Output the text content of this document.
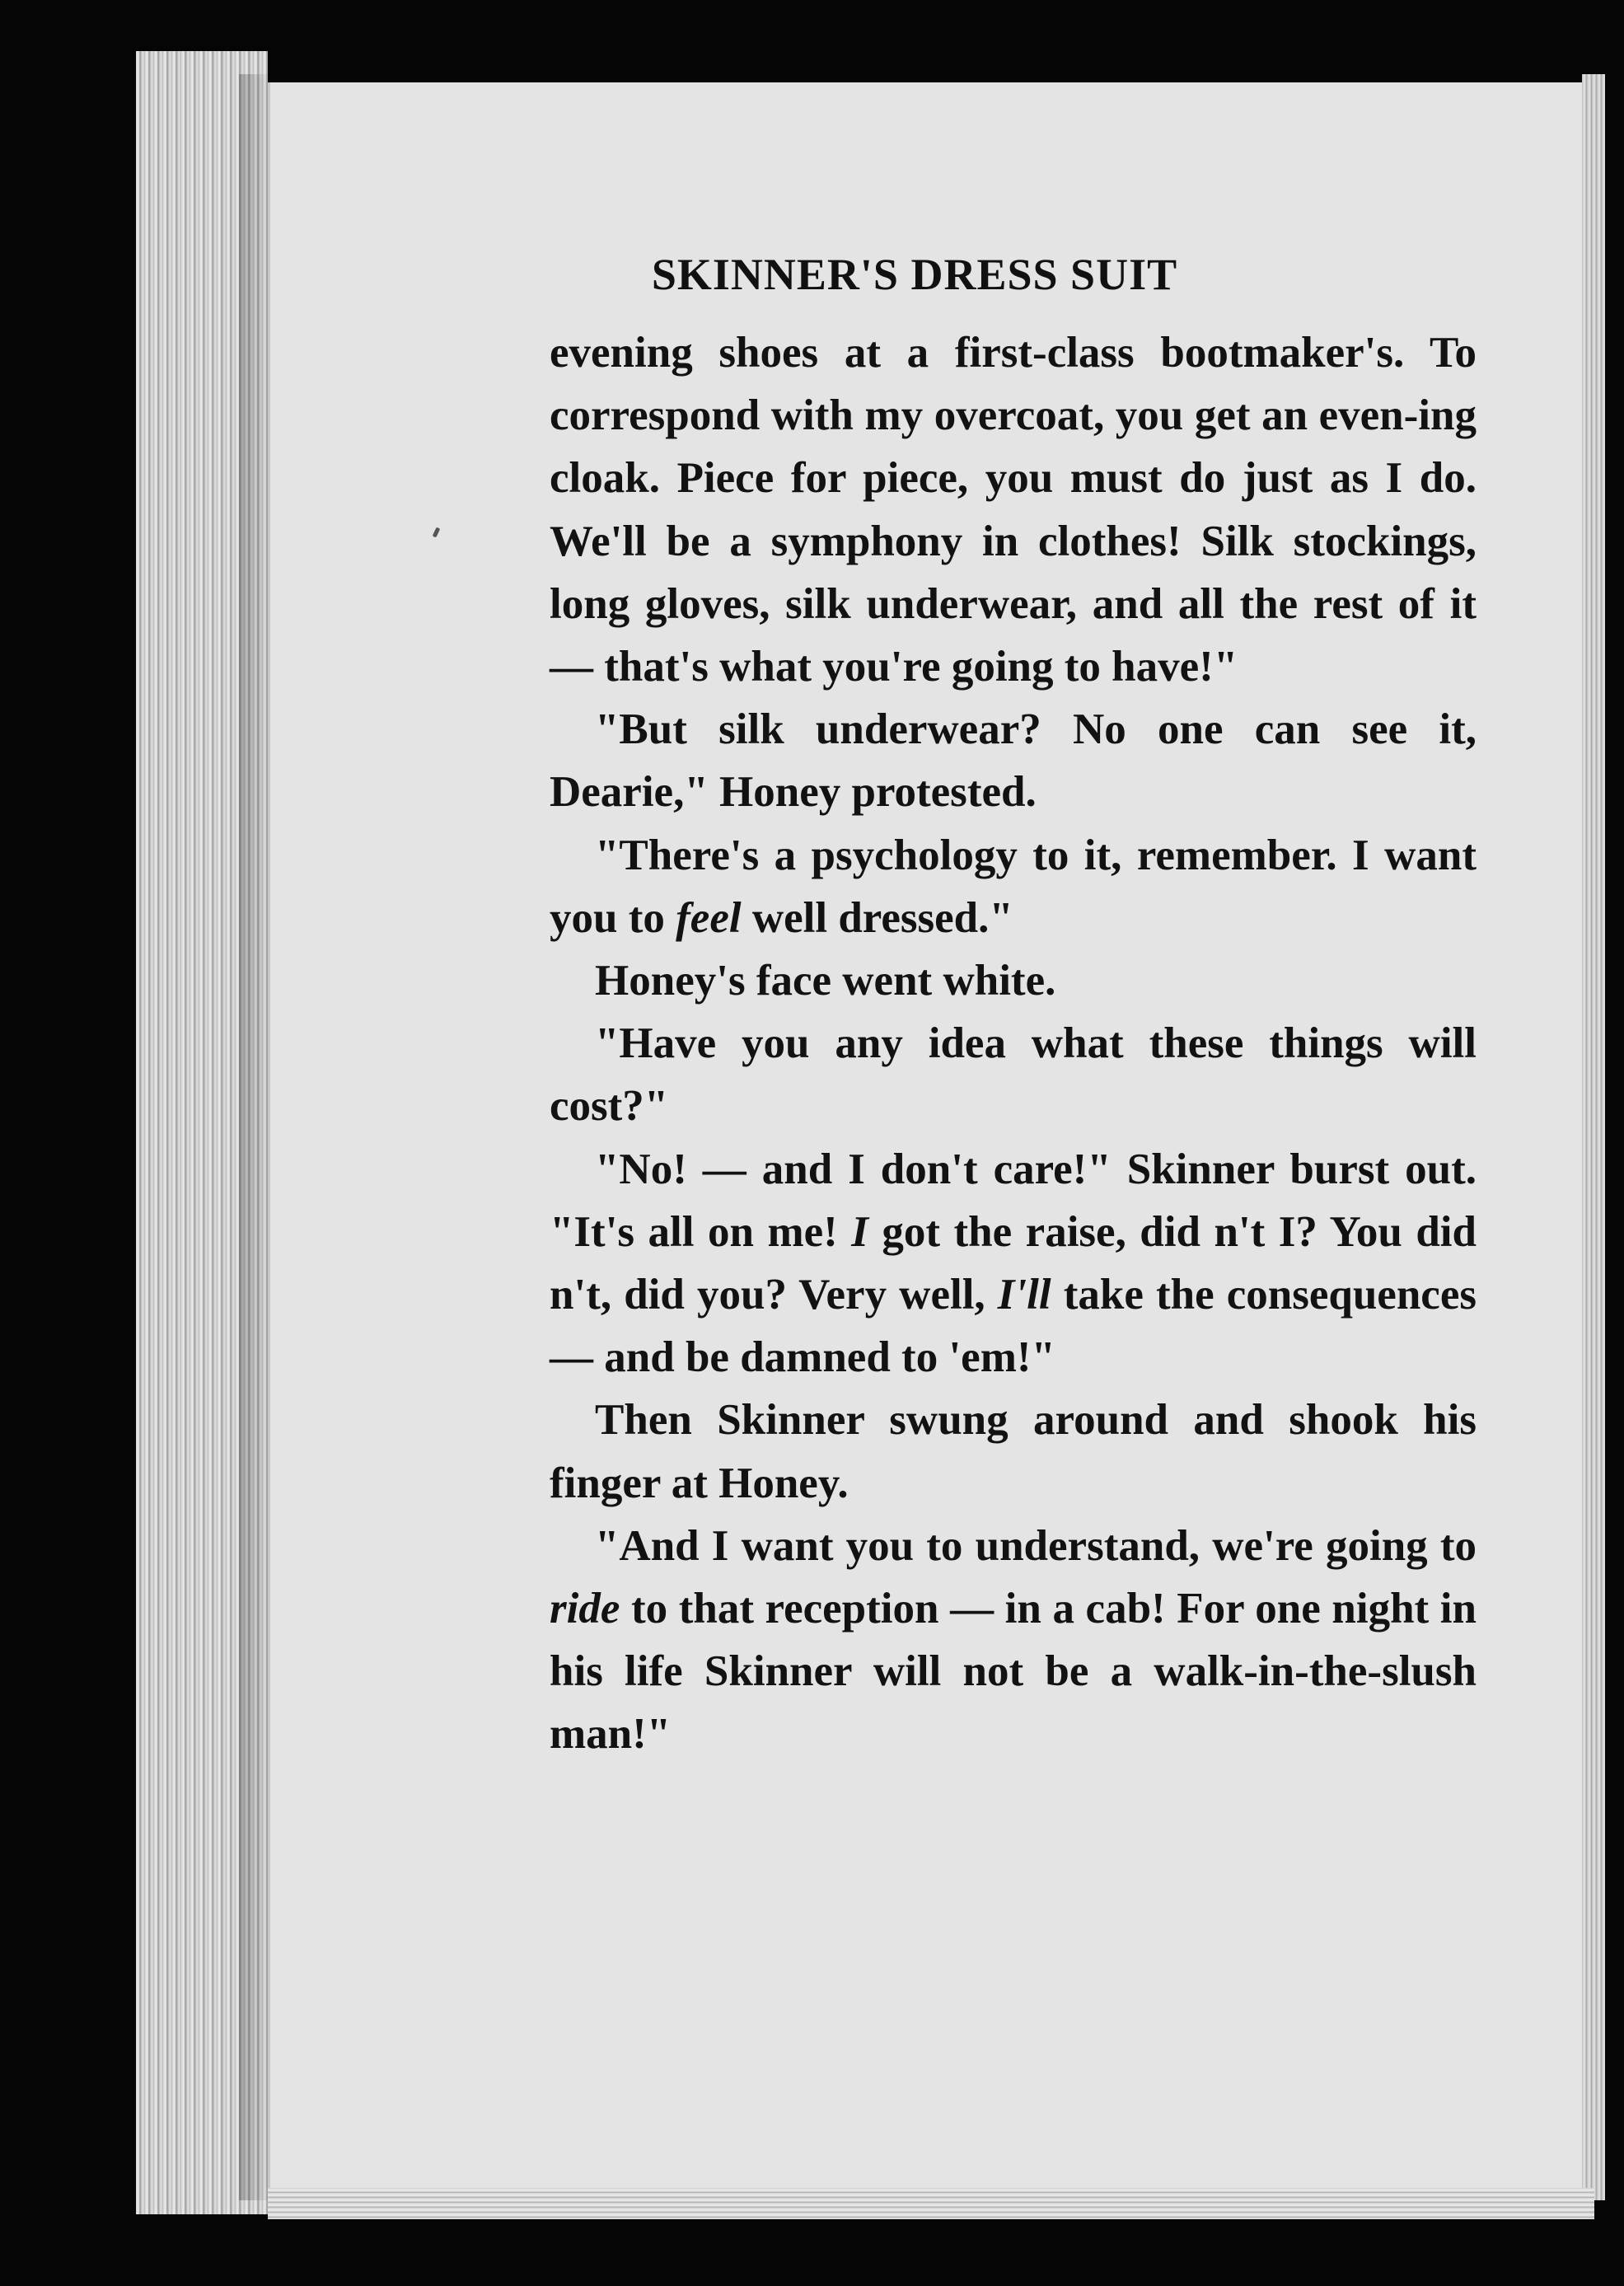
SKINNER'S DRESS SUIT

evening shoes at a first-class bootmaker's. To correspond with my overcoat, you get an even-ing cloak. Piece for piece, you must do just as I do. We'll be a symphony in clothes! Silk stockings, long gloves, silk underwear, and all the rest of it — that's what you're going to have!"

"But silk underwear? No one can see it, Dearie," Honey protested.

"There's a psychology to it, remember. I want you to feel well dressed."

Honey's face went white.

"Have you any idea what these things will cost?"

"No! — and I don't care!" Skinner burst out. "It's all on me! I got the raise, did n't I? You did n't, did you? Very well, I'll take the consequences — and be damned to 'em!"

Then Skinner swung around and shook his finger at Honey.

"And I want you to understand, we're going to ride to that reception — in a cab! For one night in his life Skinner will not be a walk-in-the-slush man!"
